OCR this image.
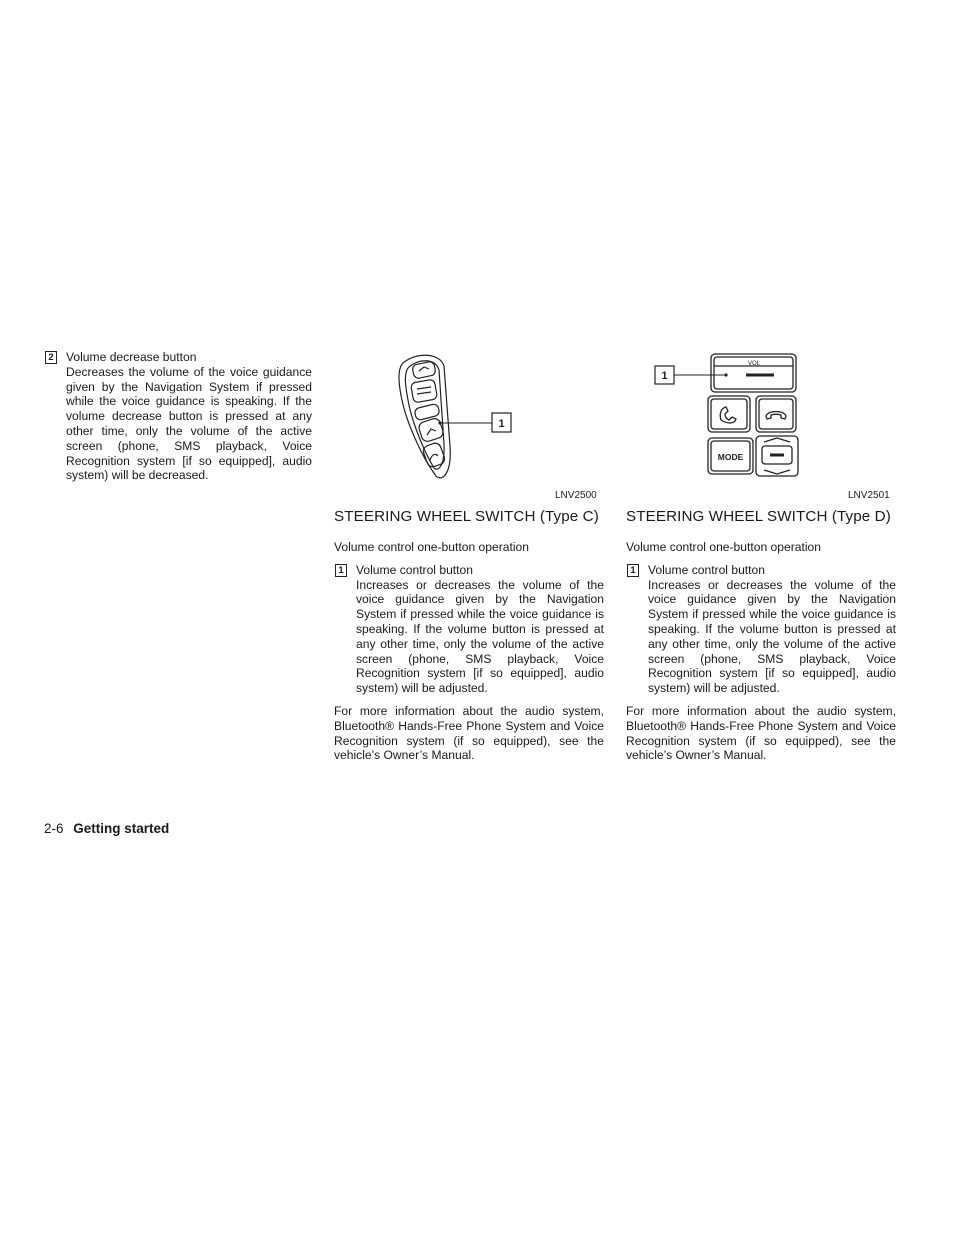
2 Volume decrease button
Decreases the volume of the voice guidance given by the Navigation System if pressed while the voice guidance is speaking. If the volume decrease button is pressed at any other time, only the volume of the active screen (phone, SMS playback, Voice Recognition system [if so equipped], audio system) will be decreased.
1
LNV2500
VOL
MODE
1
LNV2501
STEERING WHEEL SWITCH (Type C)
Volume control one-button operation
1 Volume control button
Increases or decreases the volume of the voice guidance given by the Navigation System if pressed while the voice guidance is speaking. If the volume button is pressed at any other time, only the volume of the active screen (phone, SMS playback, Voice Recognition system [if so equipped], audio system) will be adjusted.
For more information about the audio system, Bluetooth® Hands-Free Phone System and Voice Recognition system (if so equipped), see the vehicle’s Owner’s Manual.
STEERING WHEEL SWITCH (Type D)
Volume control one-button operation
1 Volume control button
Increases or decreases the volume of the voice guidance given by the Navigation System if pressed while the voice guidance is speaking. If the volume button is pressed at any other time, only the volume of the active screen (phone, SMS playback, Voice Recognition system [if so equipped], audio system) will be adjusted.
For more information about the audio system, Bluetooth® Hands-Free Phone System and Voice Recognition system (if so equipped), see the vehicle’s Owner’s Manual.
2-6 Getting started
